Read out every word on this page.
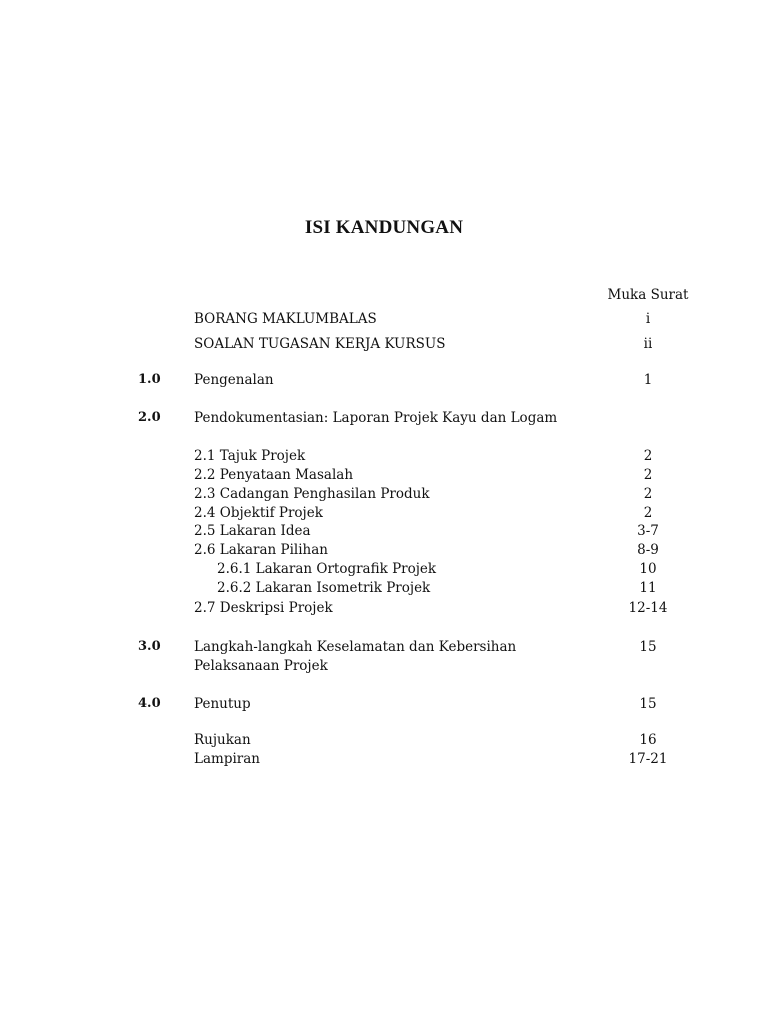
ISI KANDUNGAN
Muka Surat
BORANG MAKLUMBALAS	i
SOALAN TUGASAN KERJA KURSUS	ii
1.0 Pengenalan	1
2.0 Pendokumentasian: Laporan Projek Kayu dan Logam
2.1 Tajuk Projek	2
2.2 Penyataan Masalah	2
2.3 Cadangan Penghasilan Produk	2
2.4 Objektif Projek	2
2.5 Lakaran Idea	3-7
2.6 Lakaran Pilihan	8-9
2.6.1 Lakaran Ortografik Projek	10
2.6.2 Lakaran Isometrik Projek	11
2.7 Deskripsi Projek	12-14
3.0 Langkah-langkah Keselamatan dan Kebersihan	15
Pelaksanaan Projek
4.0 Penutup	15
Rujukan	16
Lampiran	17-21
